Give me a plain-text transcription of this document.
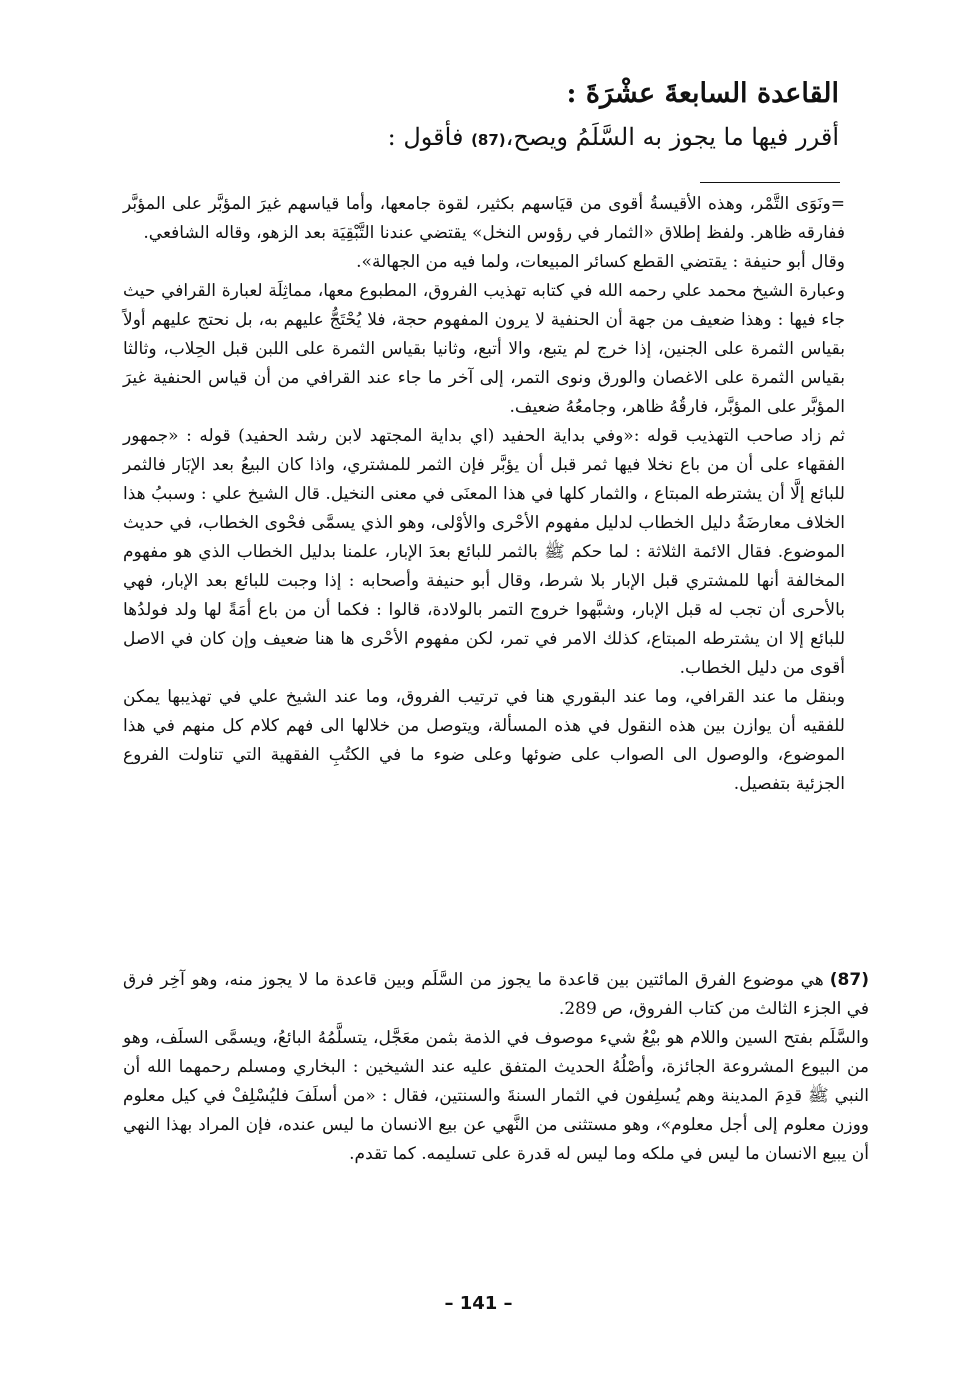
القاعدة السابعةَ عشْرَةَ :
أقرر فيها ما يجوز به السَّلَمُ ويصح،(87) فأقول :

=ونَوَى التَّمْر، وهذه الأقيسةُ أقوى من قيَاسهم بكثير، لقوة جامعها، وأما قياسهم غيرَ المؤبَّر على المؤبَّر ففارقه ظاهر. ولفظ إطلاق «الثمار في رؤوس النخل» يقتضي عندنا التَّبْقِيَة بعد الزهو، وقاله الشافعي.

وقال أبو حنيفة : يقتضي القطع كسائر المبيعات، ولما فيه من الجهالة».

وعبارة الشيخ محمد علي رحمه الله في كتابه تهذيب الفروق، المطبوع معها، مماثِلَة لعبارة القرافي حيث جاء فيها : وهذا ضعيف من جهة أن الحنفية لا يرون المفهوم حجة، فلا يُحْتَجُّ عليهم به، بل نحتج عليهم أولاً بقياس الثمرة على الجنين، إذا خرج لم يتبع، والا أتبع، وثانيا بقياس الثمرة على اللبن قبل الحِلاب، وثالثا بقياس الثمرة على الاغصان والورق ونوى التمر، إلى آخر ما جاء عند القرافي من أن قياس الحنفية غيرَ المؤبَّر على المؤبَّر، فارقُهُ ظاهر، وجامعُهُ ضعيف.

ثم زاد صاحب التهذيب قوله :«وفي بداية الحفيد (اي بداية المجتهد لابن رشد الحفيد) قوله : «جمهور الفقهاء على أن من باع نخلا فيها ثمر قبل أن يؤبَّر فإن الثمر للمشتري، واذا كان البيعُ بعد الإبَار فالثمر للبائع إلَّا أن يشترطه المبتاع ، والثمار كلها في هذا المعنَى في معنى النخيل. قال الشيخ علي : وسببُ هذا الخلاف معارضَةُ دليل الخطاب لدليل مفهوم الأحْرى والأوْلى، وهو الذي يسمَّى فحْوى الخطاب، في حديث الموضوع. فقال الائمة الثلاثة : لما حكم ﷺ بالثمر للبائع بعدَ الإبار، علمنا بدليل الخطاب الذي هو مفهوم المخالفة أنها للمشتري قبل الإبار بلا شرط، وقال أبو حنيفة وأصحابه : إذا وجبت للبائع بعد الإبار، فهي بالأحرى أن تجب له قبل الإبار، وشبَّهوا خروج التمر بالولادة، قالوا : فكما أن من باع أمَةً لها ولد فولدُها للبائع إلا ان يشترطه المبتاع، كذلك الامر في تمر، لكن مفهوم الأحْرى ها هنا ضعيف وإن كان في الاصل أقوى من دليل الخطاب.

وبنقل ما عند القرافي، وما عند البقوري هنا في ترتيب الفروق، وما عند الشيخ علي في تهذيبها يمكن للفقيه أن يوازن بين هذه النقول في هذه المسألة، ويتوصل من خلالها الى فهم كلام كل منهم في هذا الموضوع، والوصول الى الصواب على ضوئها وعلى ضوء ما في الكتُبِ الفقهية التي تناولت الفروع الجزئية بتفصيل.

(87)هي موضوع الفرق المائتين بين قاعدة ما يجوز من السَّلَم وبين قاعدة ما لا يجوز منه، وهو آخِر فرق في الجزء الثالث من كتاب الفروق، ص 289.

والسَّلَم بفتح السين واللام هو بيْعُ شيء موصوف في الذمة بثمن معَجَّل، يتسلَّمُهُ البائعُ، ويسمَّى السلَف، وهو من البيوع المشروعة الجائزة، وأصْلُهُ الحديث المتفق عليه عند الشيخين : البخاري ومسلم رحمهما الله أن النبي ﷺ قدِمَ المدينة وهم يُسلِفون في الثمار السنةَ والسنتين، فقال : «من أسلَفَ فليُسْلِفْ في كيل معلوم ووزن معلوم إلى أجل معلوم»، وهو مستثنى من النَّهي عن بيع الانسان ما ليس عنده، فإن المراد بهذا النهي أن يبيع الانسان ما ليس في ملكه وما ليس له قدرة على تسليمه. كما تقدم.

– 141 –
